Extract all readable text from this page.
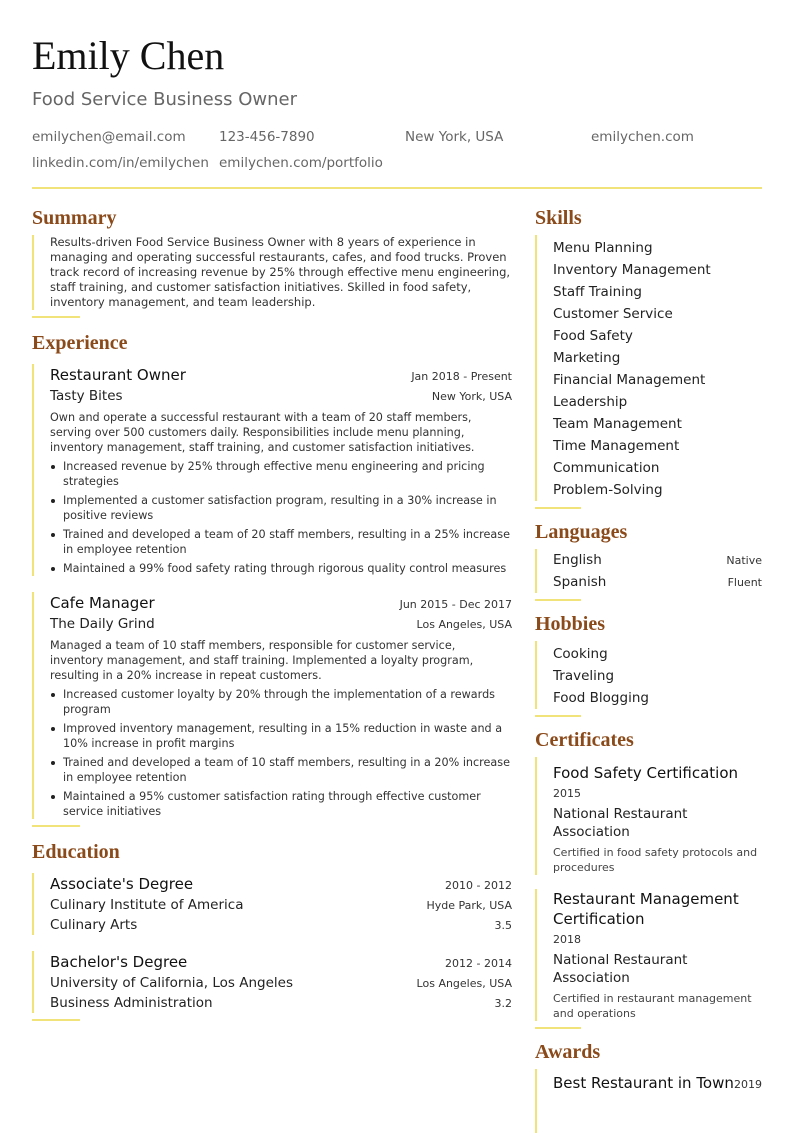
Emily Chen
Food Service Business Owner
emilychen@email.com 123-456-7890	New York, USA	emilychen.com
linkedin.com/in/emilychen emilychen.com/portfolio
Summary
Results-driven Food Service Business Owner with 8 years of experience in managing and operating successful restaurants, cafes, and food trucks. Proven track record of increasing revenue by 25% through effective menu engineering, staff training, and customer satisfaction initiatives. Skilled in food safety, inventory management, and team leadership.
Experience
Restaurant Owner	Jan 2018 - Present
Tasty Bites	New York, USA
Own and operate a successful restaurant with a team of 20 staff members, serving over 500 customers daily. Responsibilities include menu planning, inventory management, staff training, and customer satisfaction initiatives.
Increased revenue by 25% through effective menu engineering and pricing strategies
Implemented a customer satisfaction program, resulting in a 30% increase in positive reviews
Trained and developed a team of 20 staff members, resulting in a 25% increase in employee retention
Maintained a 99% food safety rating through rigorous quality control measures
Cafe Manager	Jun 2015 - Dec 2017
The Daily Grind	Los Angeles, USA
Managed a team of 10 staff members, responsible for customer service, inventory management, and staff training. Implemented a loyalty program, resulting in a 20% increase in repeat customers.
Increased customer loyalty by 20% through the implementation of a rewards program
Improved inventory management, resulting in a 15% reduction in waste and a 10% increase in profit margins
Trained and developed a team of 10 staff members, resulting in a 20% increase in employee retention
Maintained a 95% customer satisfaction rating through effective customer service initiatives
Education
Associate's Degree	2010 - 2012
Culinary Institute of America	Hyde Park, USA
Culinary Arts	3.5
Bachelor's Degree	2012 - 2014
University of California, Los Angeles	Los Angeles, USA
Business Administration	3.2
Skills
Menu Planning
Inventory Management
Staff Training
Customer Service
Food Safety
Marketing
Financial Management
Leadership
Team Management
Time Management
Communication
Problem-Solving
Languages
English	Native
Spanish	Fluent
Hobbies
Cooking
Traveling
Food Blogging
Certificates
Food Safety Certification
2015
National Restaurant Association
Certified in food safety protocols and procedures
Restaurant Management Certification
2018
National Restaurant Association
Certified in restaurant management and operations
Awards
Best Restaurant in Town 2019
